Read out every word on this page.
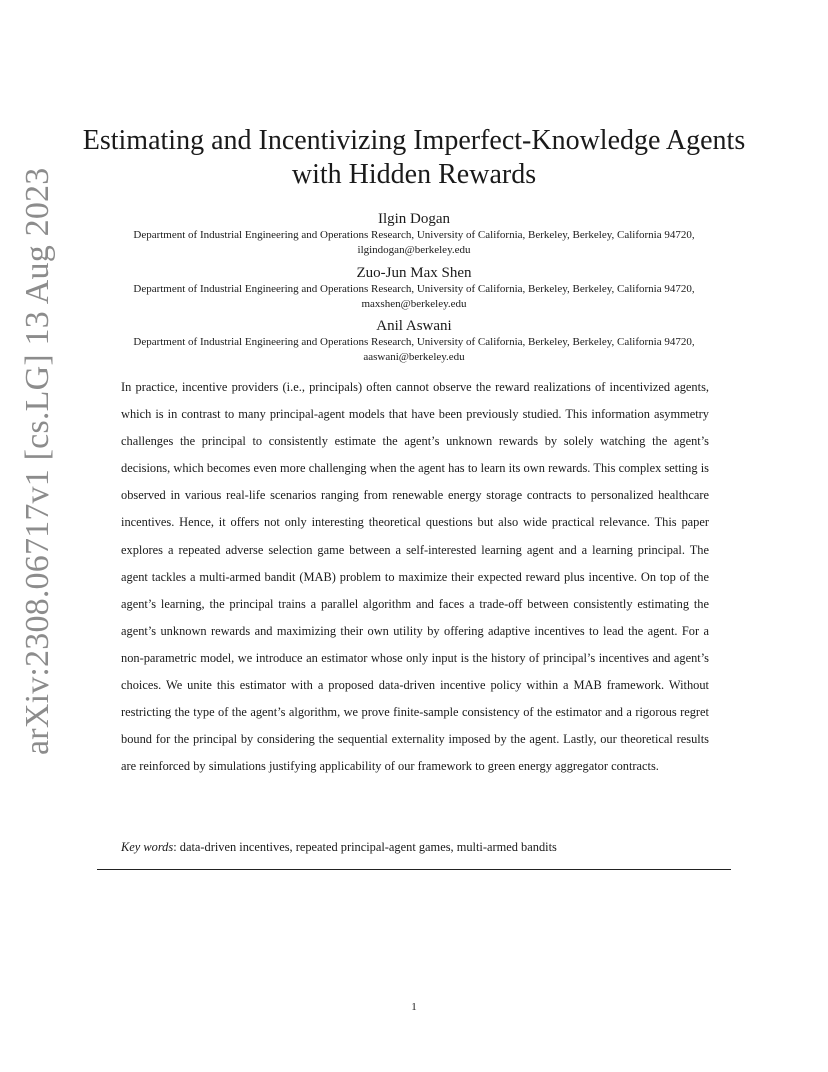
arXiv:2308.06717v1 [cs.LG] 13 Aug 2023
Estimating and Incentivizing Imperfect-Knowledge Agents with Hidden Rewards
Ilgin Dogan
Department of Industrial Engineering and Operations Research, University of California, Berkeley, Berkeley, California 94720,
ilgindogan@berkeley.edu
Zuo-Jun Max Shen
Department of Industrial Engineering and Operations Research, University of California, Berkeley, Berkeley, California 94720,
maxshen@berkeley.edu
Anil Aswani
Department of Industrial Engineering and Operations Research, University of California, Berkeley, Berkeley, California 94720,
aaswani@berkeley.edu
In practice, incentive providers (i.e., principals) often cannot observe the reward realizations of incentivized agents, which is in contrast to many principal-agent models that have been previously studied. This information asymmetry challenges the principal to consistently estimate the agent’s unknown rewards by solely watching the agent’s decisions, which becomes even more challenging when the agent has to learn its own rewards. This complex setting is observed in various real-life scenarios ranging from renewable energy storage contracts to personalized healthcare incentives. Hence, it offers not only interesting theoretical questions but also wide practical relevance. This paper explores a repeated adverse selection game between a self-interested learning agent and a learning principal. The agent tackles a multi-armed bandit (MAB) problem to maximize their expected reward plus incentive. On top of the agent’s learning, the principal trains a parallel algorithm and faces a trade-off between consistently estimating the agent’s unknown rewards and maximizing their own utility by offering adaptive incentives to lead the agent. For a non-parametric model, we introduce an estimator whose only input is the history of principal’s incentives and agent’s choices. We unite this estimator with a proposed data-driven incentive policy within a MAB framework. Without restricting the type of the agent’s algorithm, we prove finite-sample consistency of the estimator and a rigorous regret bound for the principal by considering the sequential externality imposed by the agent. Lastly, our theoretical results are reinforced by simulations justifying applicability of our framework to green energy aggregator contracts.
Key words: data-driven incentives, repeated principal-agent games, multi-armed bandits
1
